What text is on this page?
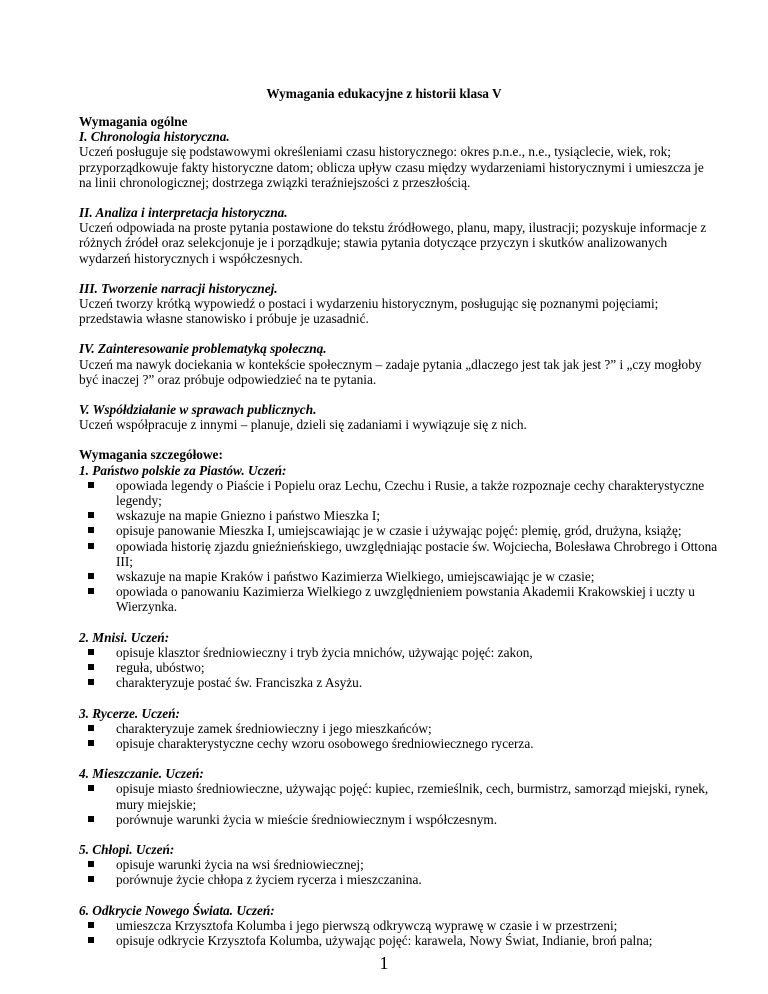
Wymagania edukacyjne z historii klasa V
Wymagania ogólne
I. Chronologia historyczna.

Uczeń posługuje się podstawowymi określeniami czasu historycznego: okres p.n.e., n.e., tysiąclecie, wiek, rok; przyporządkowuje fakty historyczne datom; oblicza upływ czasu między wydarzeniami historycznymi i umieszcza je na linii chronologicznej; dostrzega związki teraźniejszości z przeszłością.

II. Analiza i interpretacja historyczna.

Uczeń odpowiada na proste pytania postawione do tekstu źródłowego, planu, mapy, ilustracji; pozyskuje informacje z różnych źródeł oraz selekcjonuje je i porządkuje; stawia pytania dotyczące przyczyn i skutków analizowanych wydarzeń historycznych i współczesnych.

III. Tworzenie narracji historycznej.

Uczeń tworzy krótką wypowiedź o postaci i wydarzeniu historycznym, posługując się poznanymi pojęciami; przedstawia własne stanowisko i próbuje je uzasadnić.

IV. Zainteresowanie problematyką społeczną.

Uczeń ma nawyk dociekania w kontekście społecznym – zadaje pytania „dlaczego jest tak jak jest ?” i „czy mogłoby być inaczej ?” oraz próbuje odpowiedzieć na te pytania.

V. Współdziałanie w sprawach publicznych.

Uczeń współpracuje z innymi – planuje, dzieli się zadaniami i wywiązuje się z nich.

Wymagania szczegółowe:
1. Państwo polskie za Piastów. Uczeń:
opowiada legendy o Piaście i Popielu oraz Lechu, Czechu i Rusie, a także rozpoznaje cechy charakterystyczne legendy;
wskazuje na mapie Gniezno i państwo Mieszka I;
opisuje panowanie Mieszka I, umiejscawiając je w czasie i używając pojęć: plemię, gród, drużyna, książę;
opowiada historię zjazdu gnieźnieńskiego, uwzględniając postacie św. Wojciecha, Bolesława Chrobrego i Ottona III;
wskazuje na mapie Kraków i państwo Kazimierza Wielkiego, umiejscawiając je w czasie;
opowiada o panowaniu Kazimierza Wielkiego z uwzględnieniem powstania Akademii Krakowskiej i uczty u Wierzynka.
2. Mnisi. Uczeń:
opisuje klasztor średniowieczny i tryb życia mnichów, używając pojęć: zakon,
reguła, ubóstwo;
charakteryzuje postać św. Franciszka z Asyżu.
3. Rycerze. Uczeń:
charakteryzuje zamek średniowieczny i jego mieszkańców;
opisuje charakterystyczne cechy wzoru osobowego średniowiecznego rycerza.
4. Mieszczanie. Uczeń:
opisuje miasto średniowieczne, używając pojęć: kupiec, rzemieślnik, cech, burmistrz, samorząd miejski, rynek, mury miejskie;
porównuje warunki życia w mieście średniowiecznym i współczesnym.
5. Chłopi. Uczeń:
opisuje warunki życia na wsi średniowiecznej;
porównuje życie chłopa z życiem rycerza i mieszczanina.
6. Odkrycie Nowego Świata. Uczeń:
umieszcza Krzysztofa Kolumba i jego pierwszą odkrywczą wyprawę w czasie i w przestrzeni;
opisuje odkrycie Krzysztofa Kolumba, używając pojęć: karawela, Nowy Świat, Indianie, broń palna;
1
